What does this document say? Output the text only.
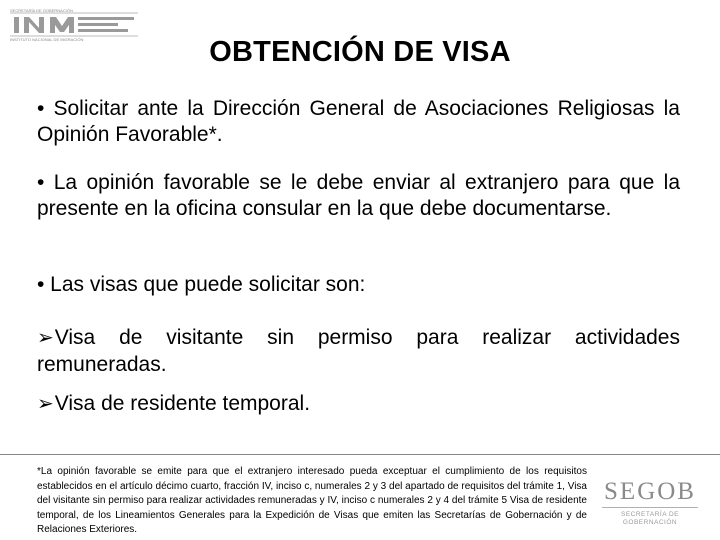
SECRETARÍA DE GOBERNACIÓN
INSTITUTO NACIONAL DE MIGRACIÓN	OBTENCIÓN DE VISA
• Solicitar ante la Dirección General de Asociaciones Religiosas la Opinión Favorable*.
• La opinión favorable se le debe enviar al extranjero para que la presente en la oficina consular en la que debe documentarse.
• Las visas que puede solicitar son:
➢Visa de visitante sin permiso para realizar actividades remuneradas.
➢Visa de residente temporal.
*La opinión favorable se emite para que el extranjero interesado pueda exceptuar el cumplimiento de los requisitos establecidos en el artículo décimo cuarto, fracción IV, inciso c, numerales 2 y 3 del apartado de requisitos del trámite 1, Visa del visitante sin permiso para realizar actividades remuneradas y IV, inciso c numerales 2 y 4 del trámite 5 Visa de residente temporal, de los Lineamientos Generales para la Expedición de Visas que emiten las Secretarías de Gobernación y de Relaciones Exteriores.
SEGOB
SECRETARÍA DE GOBERNACIÓN
